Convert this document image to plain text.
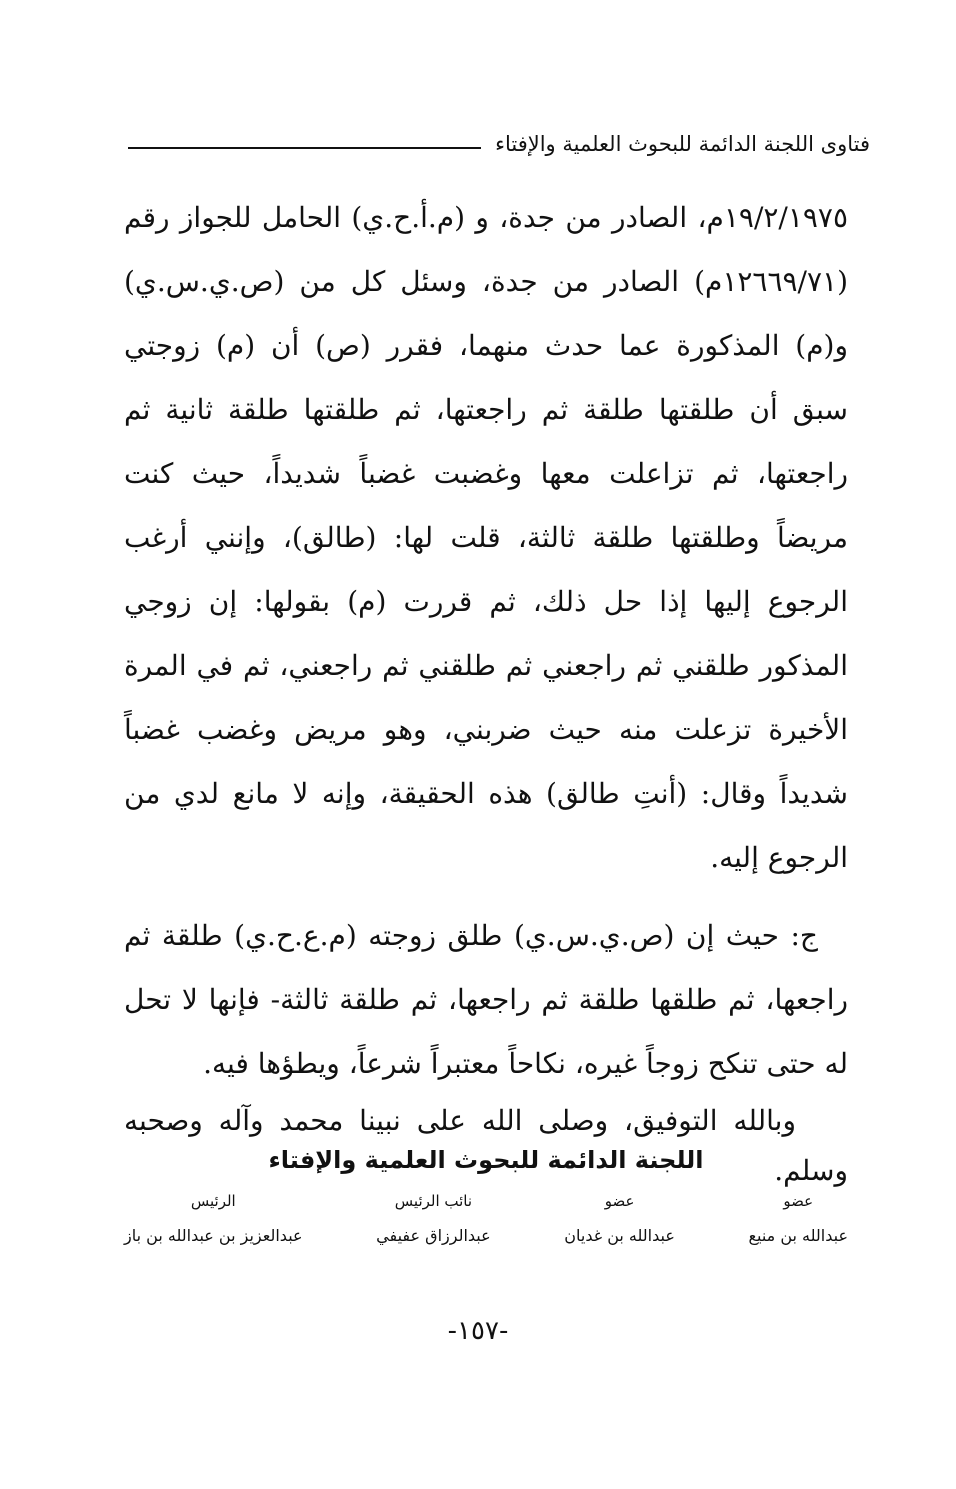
فتاوى اللجنة الدائمة للبحوث العلمية والإفتاء

١٩/٢/١٩٧٥م، الصادر من جدة، و (م.أ.ح.ي) الحامل للجواز رقم (١٢٦٦٩/٧١م) الصادر من جدة، وسئل كل من (ص.ي.س.ي) و(م) المذكورة عما حدث منهما، فقرر (ص) أن (م) زوجتي سبق أن طلقتها طلقة ثم راجعتها، ثم طلقتها طلقة ثانية ثم راجعتها، ثم تزاعلت معها وغضبت غضباً شديداً، حيث كنت مريضاً وطلقتها طلقة ثالثة، قلت لها: (طالق)، وإنني أرغب الرجوع إليها إذا حل ذلك، ثم قررت (م) بقولها: إن زوجي المذكور طلقني ثم راجعني ثم طلقني ثم راجعني، ثم في المرة الأخيرة تزعلت منه حيث ضربني، وهو مريض وغضب غضباً شديداً وقال: (أنتِ طالق) هذه الحقيقة، وإنه لا مانع لدي من الرجوع إليه.

ج: حيث إن (ص.ي.س.ي) طلق زوجته (م.ع.ح.ي) طلقة ثم راجعها، ثم طلقها طلقة ثم راجعها، ثم طلقة ثالثة- فإنها لا تحل له حتى تنكح زوجاً غيره، نكاحاً معتبراً شرعاً، ويطؤها فيه.

وبالله التوفيق، وصلى الله على نبينا محمد وآله وصحبه وسلم.

اللجنة الدائمة للبحوث العلمية والإفتاء
عضو
عبدالله بن منيع
عضو
عبدالله بن غديان
نائب الرئيس
عبدالرزاق عفيفي
الرئيس
عبدالعزيز بن عبدالله بن باز
-١٥٧-
